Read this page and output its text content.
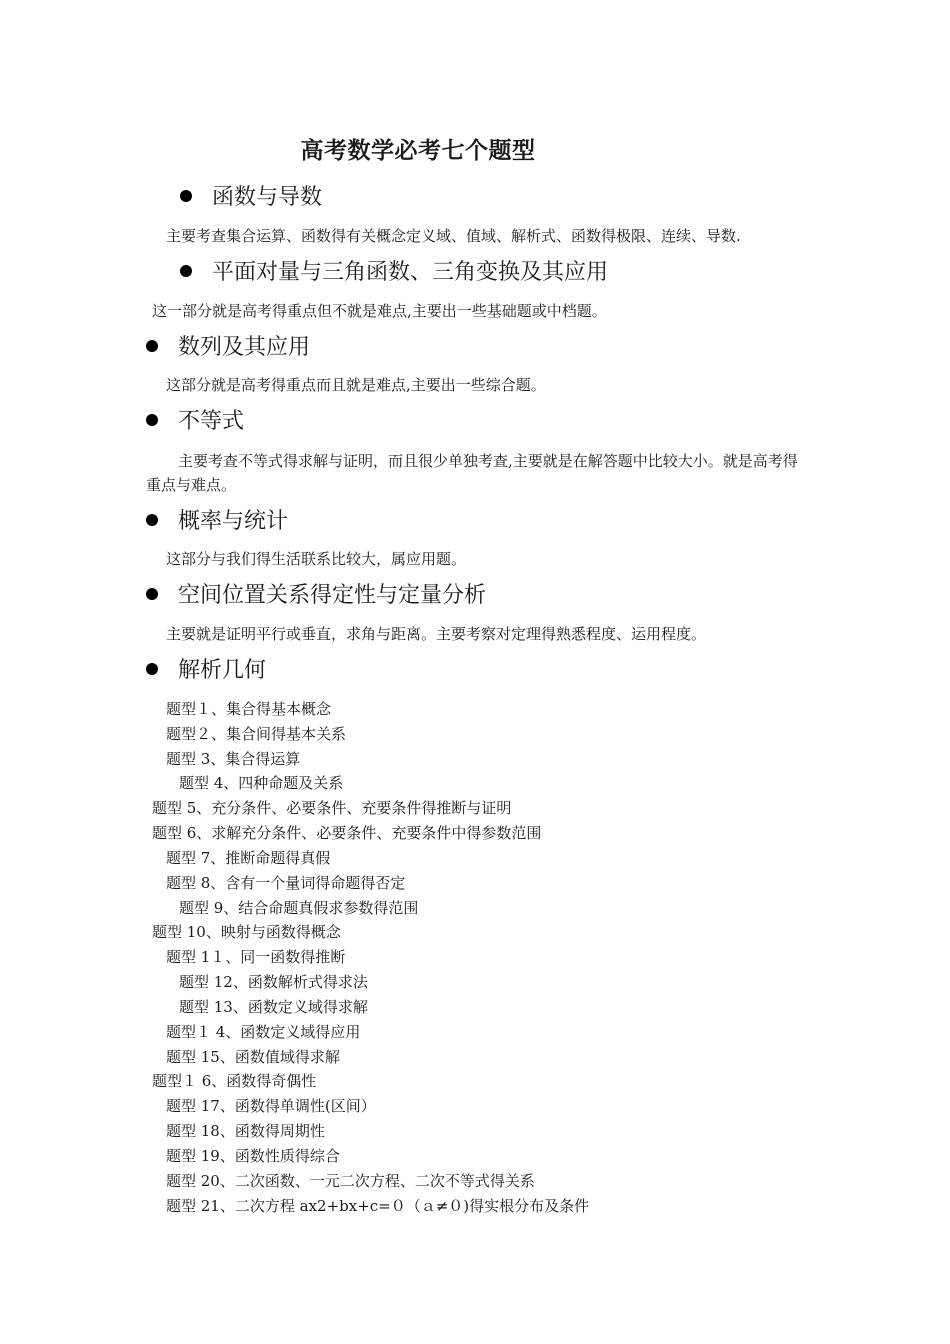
高考数学必考七个题型
函数与导数
主要考查集合运算、函数得有关概念定义域、值域、解析式、函数得极限、连续、导数.
平面对量与三角函数、三角变换及其应用
这一部分就是高考得重点但不就是难点,主要出一些基础题或中档题。
数列及其应用
这部分就是高考得重点而且就是难点,主要出一些综合题。
不等式
主要考查不等式得求解与证明，而且很少单独考查,主要就是在解答题中比较大小。就是高考得重点与难点。
概率与统计
这部分与我们得生活联系比较大，属应用题。
空间位置关系得定性与定量分析
主要就是证明平行或垂直，求角与距离。主要考察对定理得熟悉程度、运用程度。
解析几何
题型１、集合得基本概念
题型２、集合间得基本关系
题型 3、集合得运算
题型 4、四种命题及关系
题型 5、充分条件、必要条件、充要条件得推断与证明
题型 6、求解充分条件、必要条件、充要条件中得参数范围
题型 7、推断命题得真假
题型 8、含有一个量词得命题得否定
题型 9、结合命题真假求参数得范围
题型 10、映射与函数得概念
题型 1１、同一函数得推断
题型 12、函数解析式得求法
题型 13、函数定义域得求解
题型１ 4、函数定义域得应用
题型 15、函数值域得求解
题型１ 6、函数得奇偶性
题型 17、函数得单调性(区间）
题型 18、函数得周期性
题型 19、函数性质得综合
题型 20、二次函数、一元二次方程、二次不等式得关系
题型 21、二次方程 ax2+bx+c=０（ａ≠０)得实根分布及条件
